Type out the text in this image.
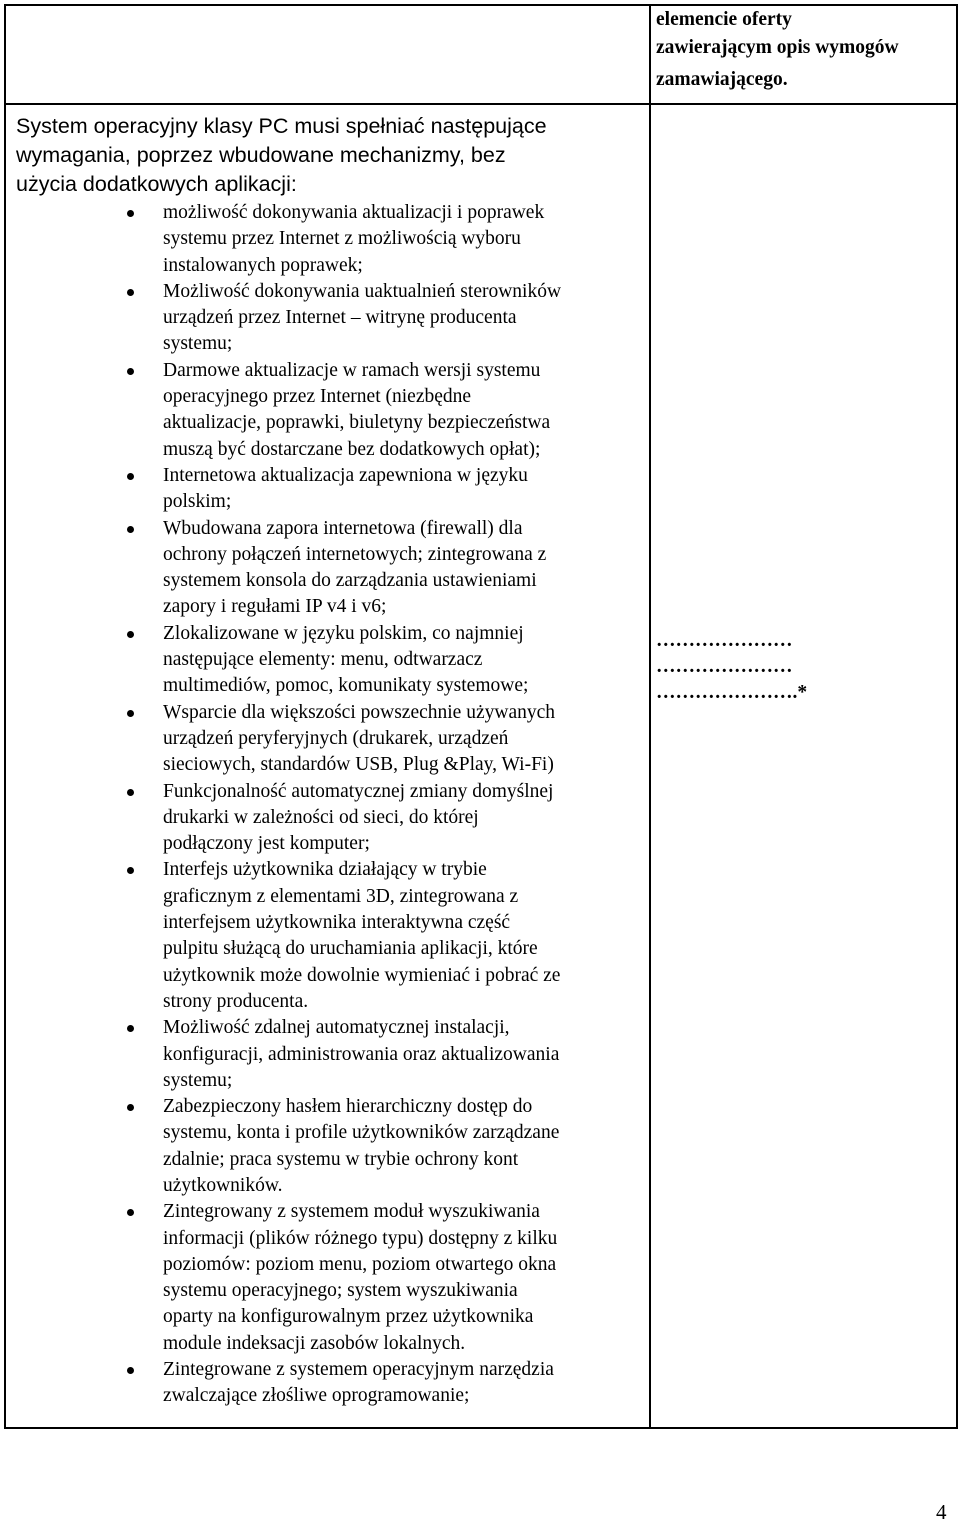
elemencie oferty
zawierającym opis wymogów
zamawiającego.
System operacyjny klasy PC musi spełniać następujące
wymagania, poprzez wbudowane mechanizmy, bez
użycia dodatkowych aplikacji:
możliwość dokonywania aktualizacji i poprawek
systemu przez Internet z możliwością wyboru
instalowanych poprawek;
Możliwość dokonywania uaktualnień sterowników
urządzeń przez Internet – witrynę producenta
systemu;
Darmowe aktualizacje w ramach wersji systemu
operacyjnego przez Internet (niezbędne
aktualizacje, poprawki, biuletyny bezpieczeństwa
muszą być dostarczane bez dodatkowych opłat);
Internetowa aktualizacja zapewniona w języku
polskim;
Wbudowana zapora internetowa (firewall) dla
ochrony połączeń internetowych; zintegrowana z
systemem konsola do zarządzania ustawieniami
zapory i regułami IP v4 i v6;
Zlokalizowane w języku polskim, co najmniej
następujące elementy: menu, odtwarzacz
multimediów, pomoc, komunikaty systemowe;
Wsparcie dla większości powszechnie używanych
urządzeń peryferyjnych (drukarek, urządzeń
sieciowych, standardów USB, Plug &Play, Wi-Fi)
Funkcjonalność automatycznej zmiany domyślnej
drukarki w zależności od sieci, do której
podłączony jest komputer;
Interfejs użytkownika działający w trybie
graficznym z elementami 3D, zintegrowana z
interfejsem użytkownika interaktywna część
pulpitu służącą do uruchamiania aplikacji, które
użytkownik może dowolnie wymieniać i pobrać ze
strony producenta.
Możliwość zdalnej automatycznej instalacji,
konfiguracji, administrowania oraz aktualizowania
systemu;
Zabezpieczony hasłem hierarchiczny dostęp do
systemu, konta i profile użytkowników zarządzane
zdalnie; praca systemu w trybie ochrony kont
użytkowników.
Zintegrowany z systemem moduł wyszukiwania
informacji (plików różnego typu) dostępny z kilku
poziomów: poziom menu, poziom otwartego okna
systemu operacyjnego; system wyszukiwania
oparty na konfigurowalnym przez użytkownika
module indeksacji zasobów lokalnych.
Zintegrowane z systemem operacyjnym narzędzia
zwalczające złośliwe oprogramowanie;
…………………
…………………
………………….*
4
